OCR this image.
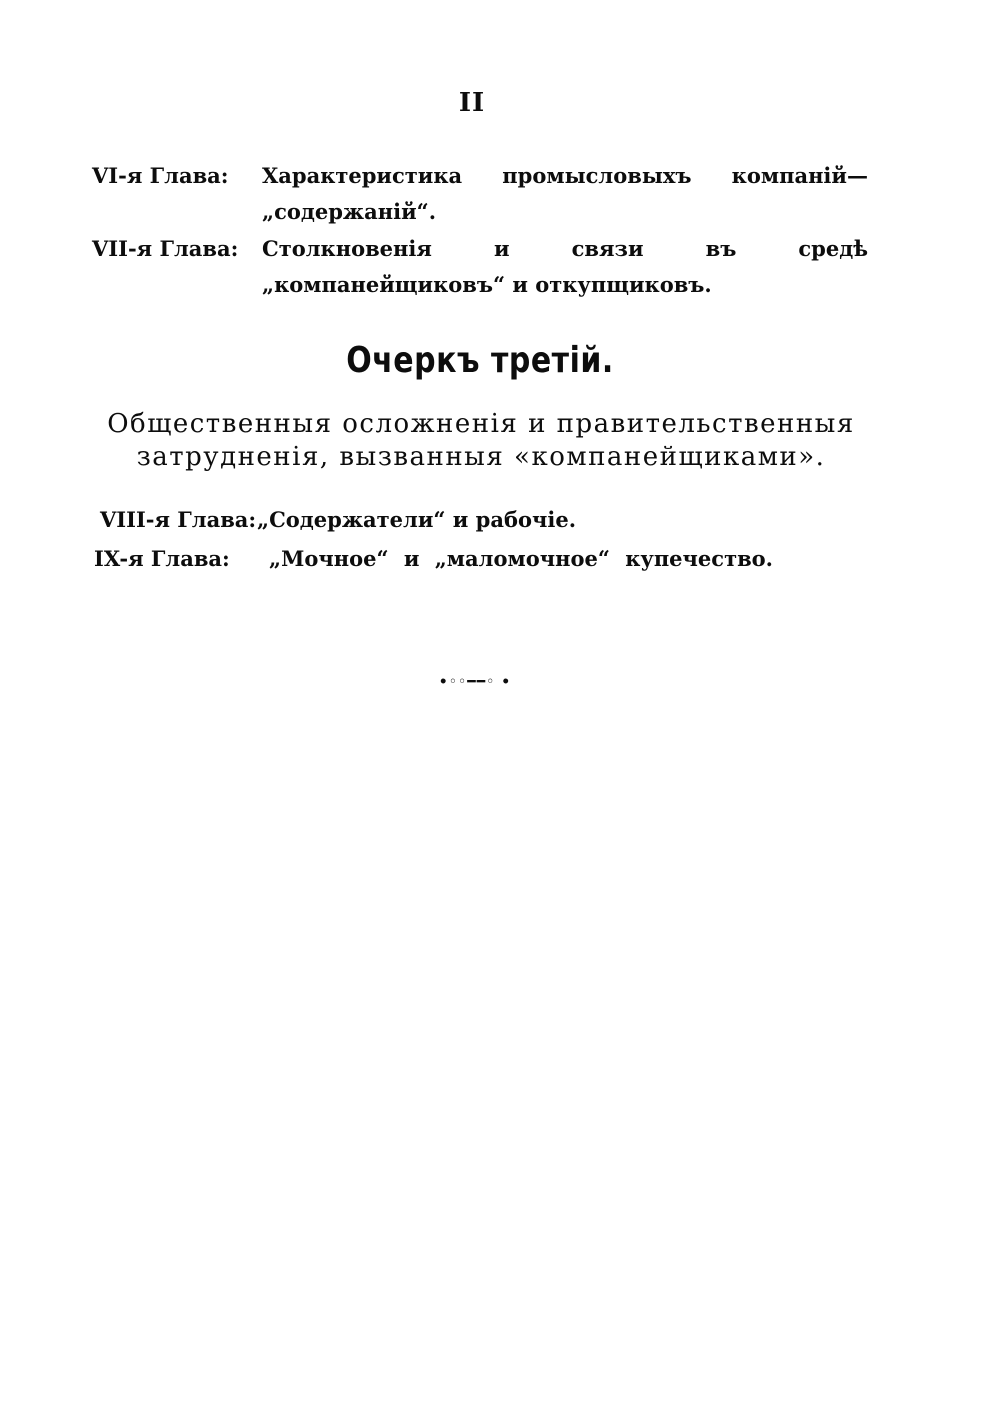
II
VI-я Глава: Характеристика промысловыхъ компаній—„содержаній“.
VII-я Глава: Столкновенія и связи въ средѣ „компанейщиковъ“ и откупщиковъ.
Очеркъ третій.
Общественныя осложненія и правительственныя
затрудненія, вызванныя «компанейщиками».
VIII-я Глава: „Содержатели“ и рабочіе.
IX-я Глава: „Мочное“ и „маломочное“ купечество.
•◦◦━━◦ •
